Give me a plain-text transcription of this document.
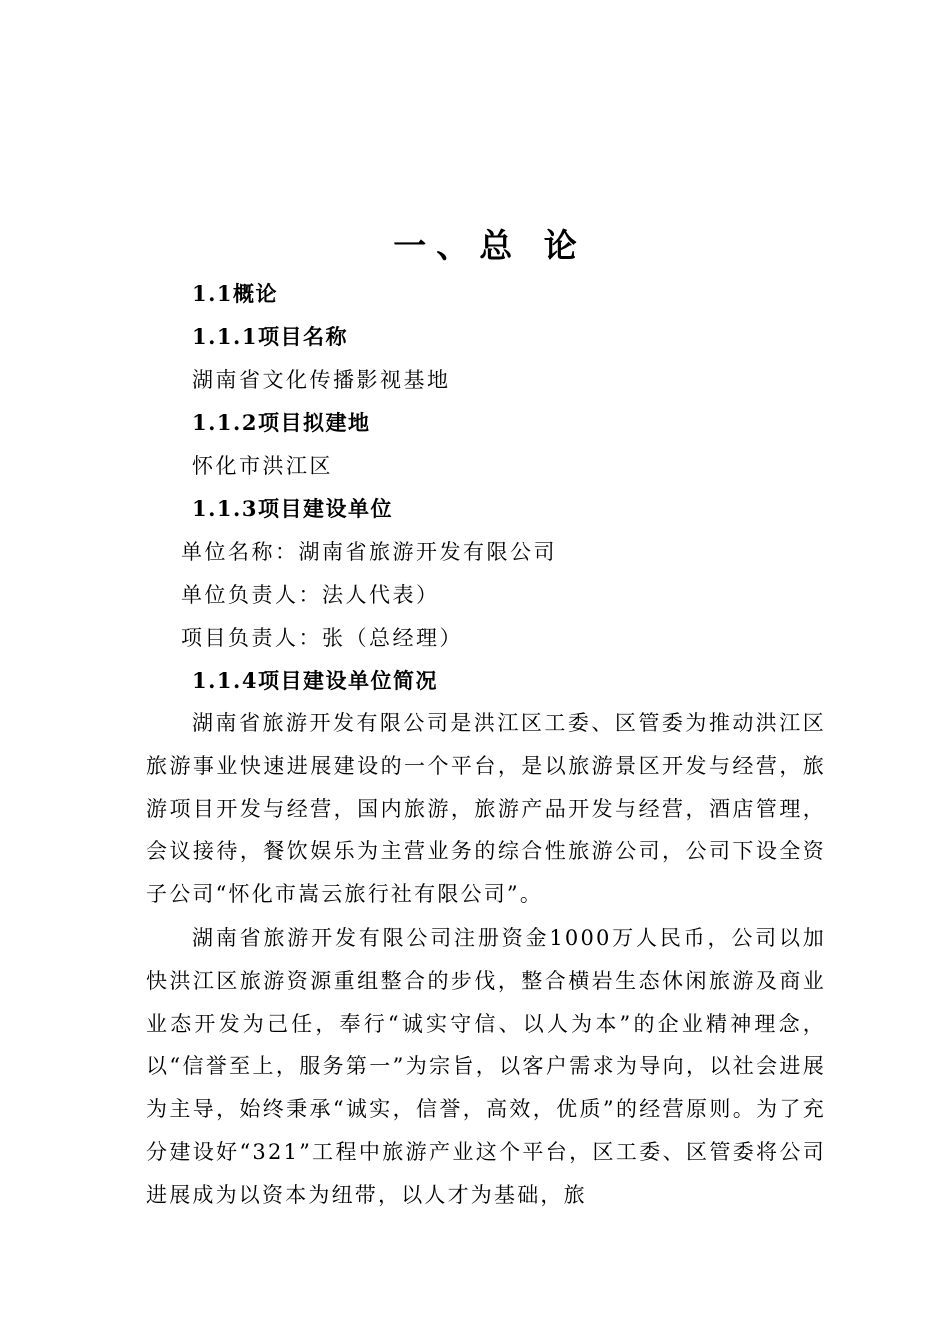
一、总 论

1.1概论

1.1.1项目名称

湖南省文化传播影视基地

1.1.2项目拟建地

怀化市洪江区

1.1.3项目建设单位

单位名称：湖南省旅游开发有限公司

单位负责人：法人代表）

项目负责人：张（总经理）

1.1.4项目建设单位简况

湖南省旅游开发有限公司是洪江区工委、区管委为推动洪江区旅游事业快速进展建设的一个平台，是以旅游景区开发与经营，旅游项目开发与经营，国内旅游，旅游产品开发与经营，酒店管理，会议接待，餐饮娱乐为主营业务的综合性旅游公司，公司下设全资子公司“怀化市嵩云旅行社有限公司”。

湖南省旅游开发有限公司注册资金1000万人民币，公司以加快洪江区旅游资源重组整合的步伐，整合横岩生态休闲旅游及商业业态开发为己任，奉行“诚实守信、以人为本”的企业精神理念，以“信誉至上，服务第一”为宗旨，以客户需求为导向，以社会进展为主导，始终秉承“诚实，信誉，高效，优质”的经营原则。为了充分建设好“321”工程中旅游产业这个平台，区工委、区管委将公司进展成为以资本为纽带，以人才为基础，旅
